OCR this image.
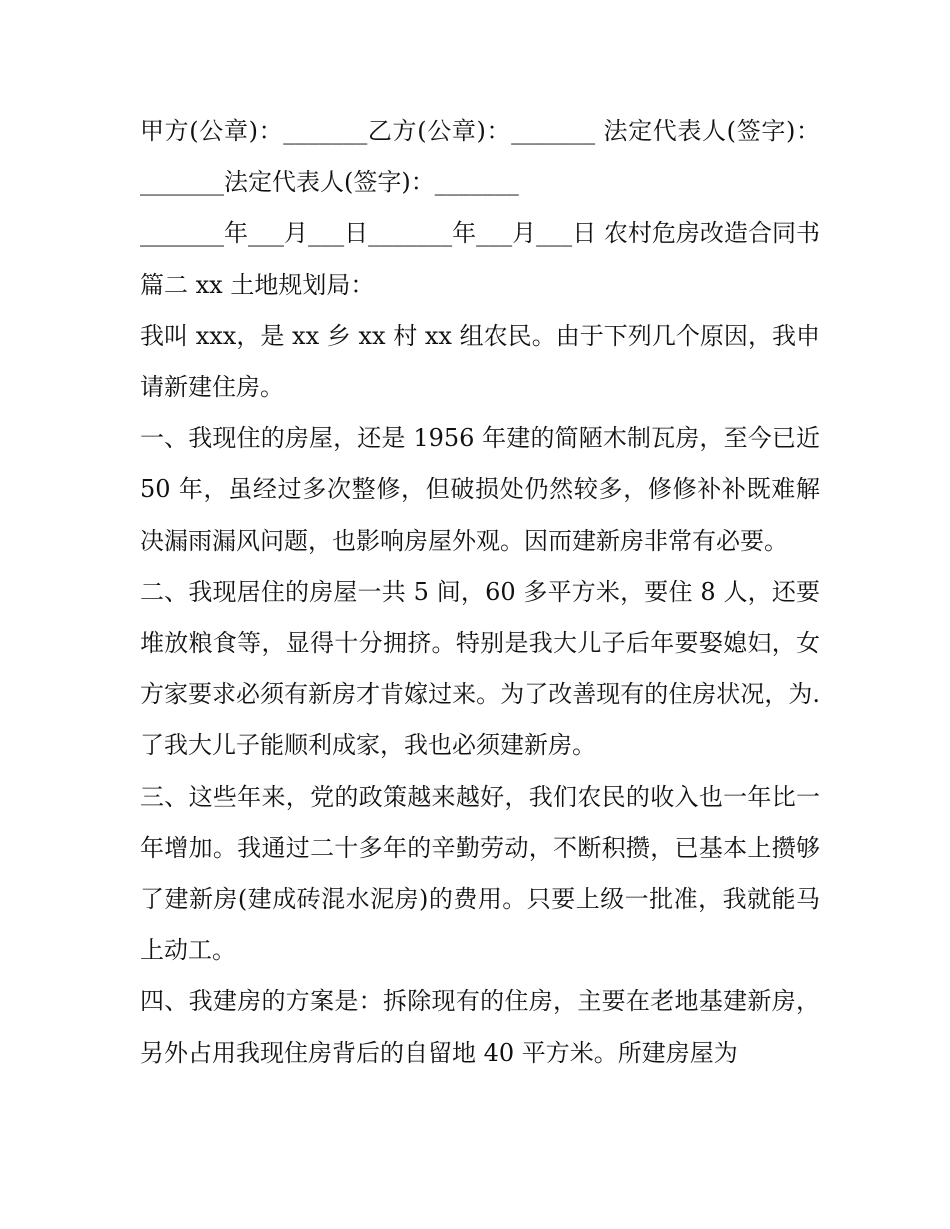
甲方(公章)：_______乙方(公章)：_______ 法定代表人(签字)：_______法定代表人(签字)：_______

_______年___月___日_______年___月___日 农村危房改造合同书篇二 xx 土地规划局：

我叫 xxx，是 xx 乡 xx 村 xx 组农民。由于下列几个原因，我申请新建住房。

一、我现住的房屋，还是 1956 年建的简陋木制瓦房，至今已近 50 年，虽经过多次整修，但破损处仍然较多，修修补补既难解决漏雨漏风问题，也影响房屋外观。因而建新房非常有必要。

二、我现居住的房屋一共 5 间，60 多平方米，要住 8 人，还要堆放粮食等，显得十分拥挤。特别是我大儿子后年要娶媳妇，女方家要求必须有新房才肯嫁过来。为了改善现有的住房状况，为. 了我大儿子能顺利成家，我也必须建新房。

三、这些年来，党的政策越来越好，我们农民的收入也一年比一年增加。我通过二十多年的辛勤劳动，不断积攒，已基本上攒够了建新房(建成砖混水泥房)的费用。只要上级一批准，我就能马上动工。

四、我建房的方案是：拆除现有的住房，主要在老地基建新房，另外占用我现住房背后的自留地 40 平方米。所建房屋为
